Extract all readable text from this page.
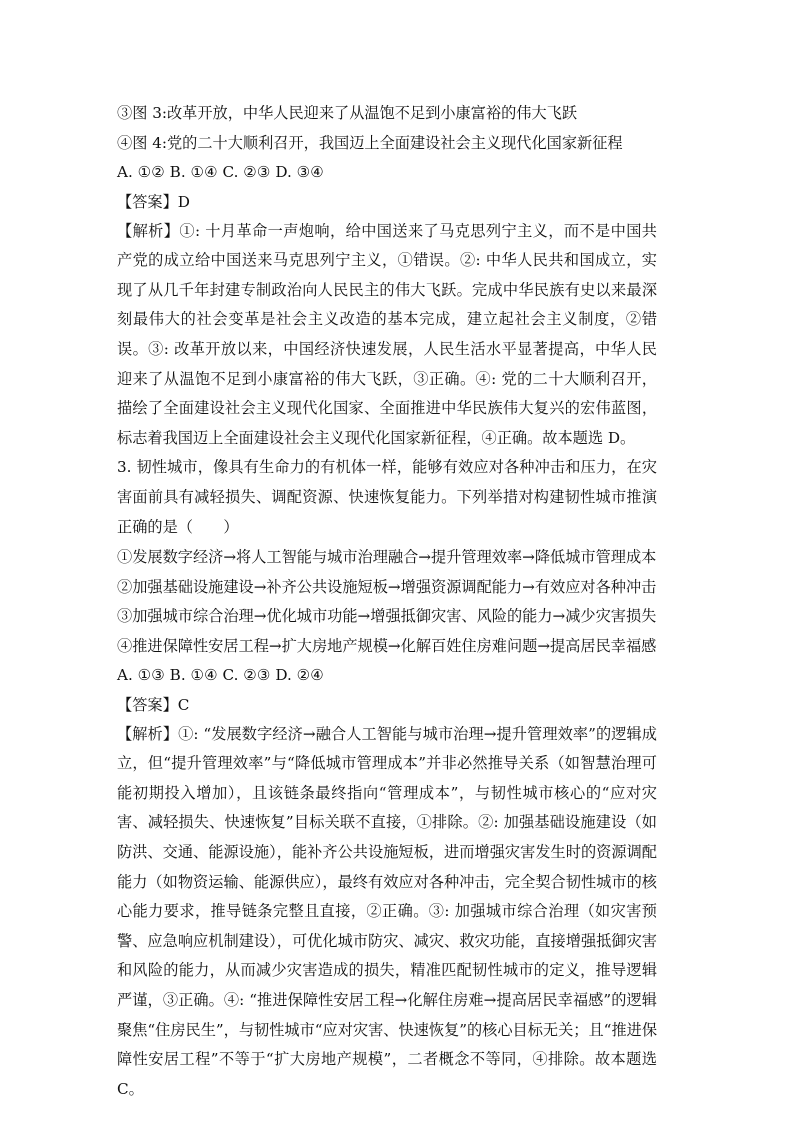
③图 3:改革开放，中华人民迎来了从温饱不足到小康富裕的伟大飞跃
④图 4:党的二十大顺利召开，我国迈上全面建设社会主义现代化国家新征程
A. ①② B. ①④ C. ②③ D. ③④
【答案】D
【解析】①: 十月革命一声炮响，给中国送来了马克思列宁主义，而不是中国共产党的成立给中国送来马克思列宁主义，①错误。②: 中华人民共和国成立，实现了从几千年封建专制政治向人民民主的伟大飞跃。完成中华民族有史以来最深刻最伟大的社会变革是社会主义改造的基本完成，建立起社会主义制度，②错误。③: 改革开放以来，中国经济快速发展，人民生活水平显著提高，中华人民迎来了从温饱不足到小康富裕的伟大飞跃，③正确。④: 党的二十大顺利召开，描绘了全面建设社会主义现代化国家、全面推进中华民族伟大复兴的宏伟蓝图，标志着我国迈上全面建设社会主义现代化国家新征程，④正确。故本题选 D。
3. 韧性城市，像具有生命力的有机体一样，能够有效应对各种冲击和压力，在灾害面前具有减轻损失、调配资源、快速恢复能力。下列举措对构建韧性城市推演正确的是（　　）
①发展数字经济→将人工智能与城市治理融合→提升管理效率→降低城市管理成本
②加强基础设施建设→补齐公共设施短板→增强资源调配能力→有效应对各种冲击
③加强城市综合治理→优化城市功能→增强抵御灾害、风险的能力→减少灾害损失
④推进保障性安居工程→扩大房地产规模→化解百姓住房难问题→提高居民幸福感
A. ①③ B. ①④ C. ②③ D. ②④
【答案】C
【解析】①: “发展数字经济→融合人工智能与城市治理→提升管理效率”的逻辑成立，但“提升管理效率”与“降低城市管理成本”并非必然推导关系（如智慧治理可能初期投入增加），且该链条最终指向“管理成本”，与韧性城市核心的“应对灾害、减轻损失、快速恢复”目标关联不直接，①排除。②: 加强基础设施建设（如防洪、交通、能源设施），能补齐公共设施短板，进而增强灾害发生时的资源调配能力（如物资运输、能源供应），最终有效应对各种冲击，完全契合韧性城市的核心能力要求，推导链条完整且直接，②正确。③: 加强城市综合治理（如灾害预警、应急响应机制建设），可优化城市防灾、减灾、救灾功能，直接增强抵御灾害和风险的能力，从而减少灾害造成的损失，精准匹配韧性城市的定义，推导逻辑严谨，③正确。④: “推进保障性安居工程→化解住房难→提高居民幸福感”的逻辑聚焦“住房民生”，与韧性城市“应对灾害、快速恢复”的核心目标无关；且“推进保障性安居工程”不等于“扩大房地产规模”，二者概念不等同，④排除。故本题选 C。
